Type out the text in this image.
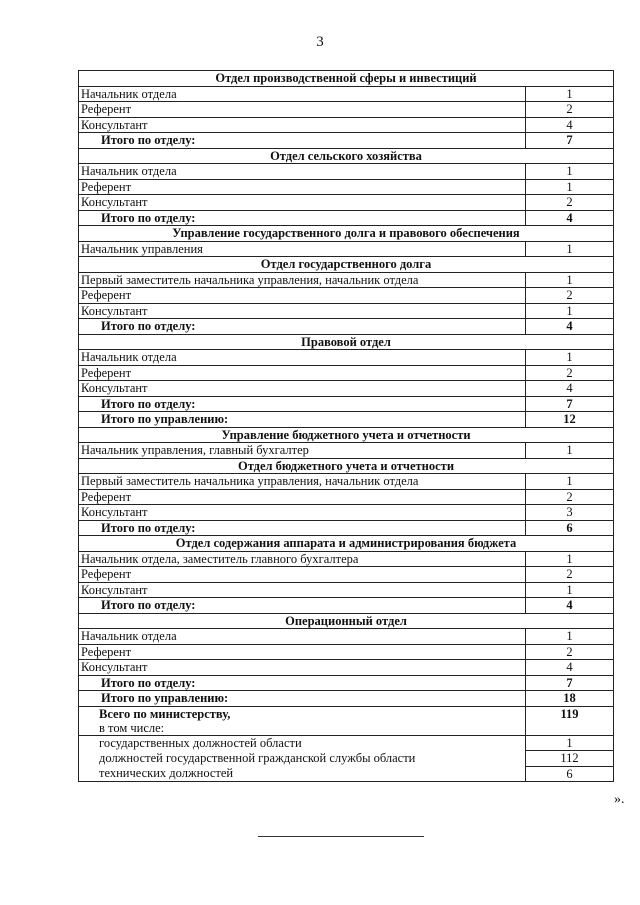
3
Отдел производственной сферы и инвестиций	
Начальник отдела	1
Референт	2
Консультант	4
Итого по отделу:	7
Отдел сельского хозяйства	
Начальник отдела	1
Референт	1
Консультант	2
Итого по отделу:	4
Управление государственного долга и правового обеспечения	
Начальник управления	1
Отдел государственного долга	
Первый заместитель начальника управления, начальник отдела	1
Референт	2
Консультант	1
Итого по отделу:	4
Правовой отдел	
Начальник отдела	1
Референт	2
Консультант	4
Итого по отделу:	7
Итого по управлению:	12
Управление бюджетного учета и отчетности	
Начальник управления, главный бухгалтер	1
Отдел бюджетного учета и отчетности	
Первый заместитель начальника управления, начальник отдела	1
Референт	2
Консультант	3
Итого по отделу:	6
Отдел содержания аппарата и администрирования бюджета	
Начальник отдела, заместитель главного бухгалтера	1
Референт	2
Консультант	1
Итого по отделу:	4
Операционный отдел	
Начальник отдела	1
Референт	2
Консультант	4
Итого по отделу:	7
Итого по управлению:	18

Всего по министерству,
в том числе:	119
государственных должностей области	1
должностей государственной гражданской службы области	112
технических должностей	6
».
